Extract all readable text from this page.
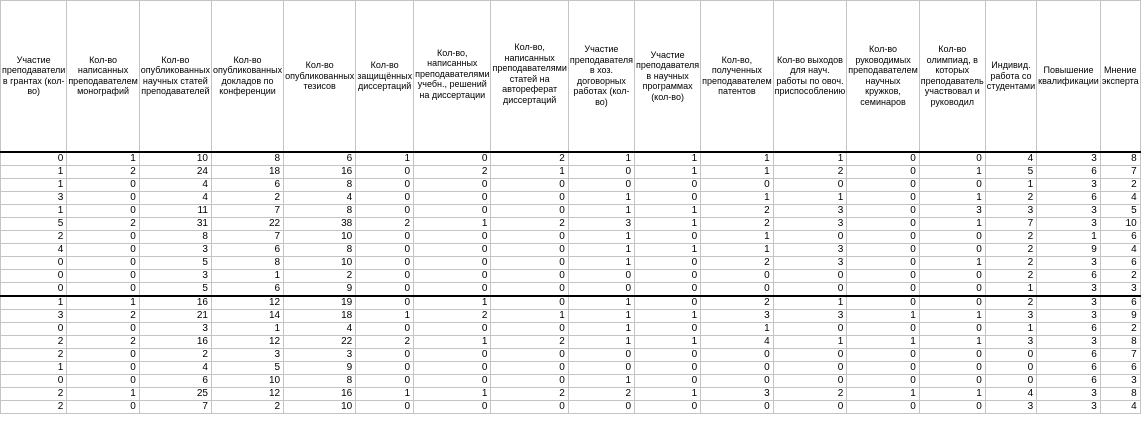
Участие преподаватели в грантах (кол-во)	Кол-во написанных преподавателем монографий	Кол-во опубликованных научных статей преподавателей	Кол-во опубликованных докладов по конференции	Кол-во опубликованных тезисов	Кол-во защищённых диссертаций	Кол-во, написанных преподавателями учебн., решений на диссертации	Кол-во, написанных преподавателями статей на автореферат диссертаций	Участие преподавателя в хоз. договорных работах (кол-во)	Участие преподавателя в научных программах (кол-во)	Кол-во, полученных преподавателем патентов	Кол-во выходов для науч. работы по овоч. приспособлению	Кол-во руководимых преподавателем научных кружков, семинаров	Кол-во олимпиад, в которых преподаватель участвовал и руководил	Индивид. работа со студентами	Повышение квалификации	Мнение эксперта

0	1	10	8	6	1	0	2	1	1	1	1	0	0	4	3	8
1	2	24	18	16	0	2	1	0	1	1	2	0	1	5	6	7
1	0	4	6	8	0	0	0	0	0	0	0	0	0	1	3	2
3	0	4	2	4	0	0	0	1	0	1	1	0	1	2	6	4
1	0	11	7	8	0	0	0	1	1	2	3	0	3	3	3	5
5	2	31	22	38	2	1	2	3	1	2	3	0	1	7	3	10
2	0	8	7	10	0	0	0	1	0	1	0	0	0	2	1	6
4	0	3	6	8	0	0	0	1	1	1	3	0	0	2	9	4
0	0	5	8	10	0	0	0	1	0	2	3	0	1	2	3	6
0	0	3	1	2	0	0	0	0	0	0	0	0	0	2	6	2
0	0	5	6	9	0	0	0	0	0	0	0	0	0	1	3	3
1	1	16	12	19	0	1	0	1	0	2	1	0	0	2	3	6
3	2	21	14	18	1	2	1	1	1	3	3	1	1	3	3	9
0	0	3	1	4	0	0	0	1	0	1	0	0	0	1	6	2
2	2	16	12	22	2	1	2	1	1	4	1	1	1	3	3	8
2	0	2	3	3	0	0	0	0	0	0	0	0	0	0	6	7
1	0	4	5	9	0	0	0	0	0	0	0	0	0	0	6	6
0	0	6	10	8	0	0	0	1	0	0	0	0	0	0	6	3
2	1	25	12	16	1	1	2	2	1	3	2	1	1	4	3	8
2	0	7	2	10	0	0	0	0	0	0	0	0	0	3	3	4
